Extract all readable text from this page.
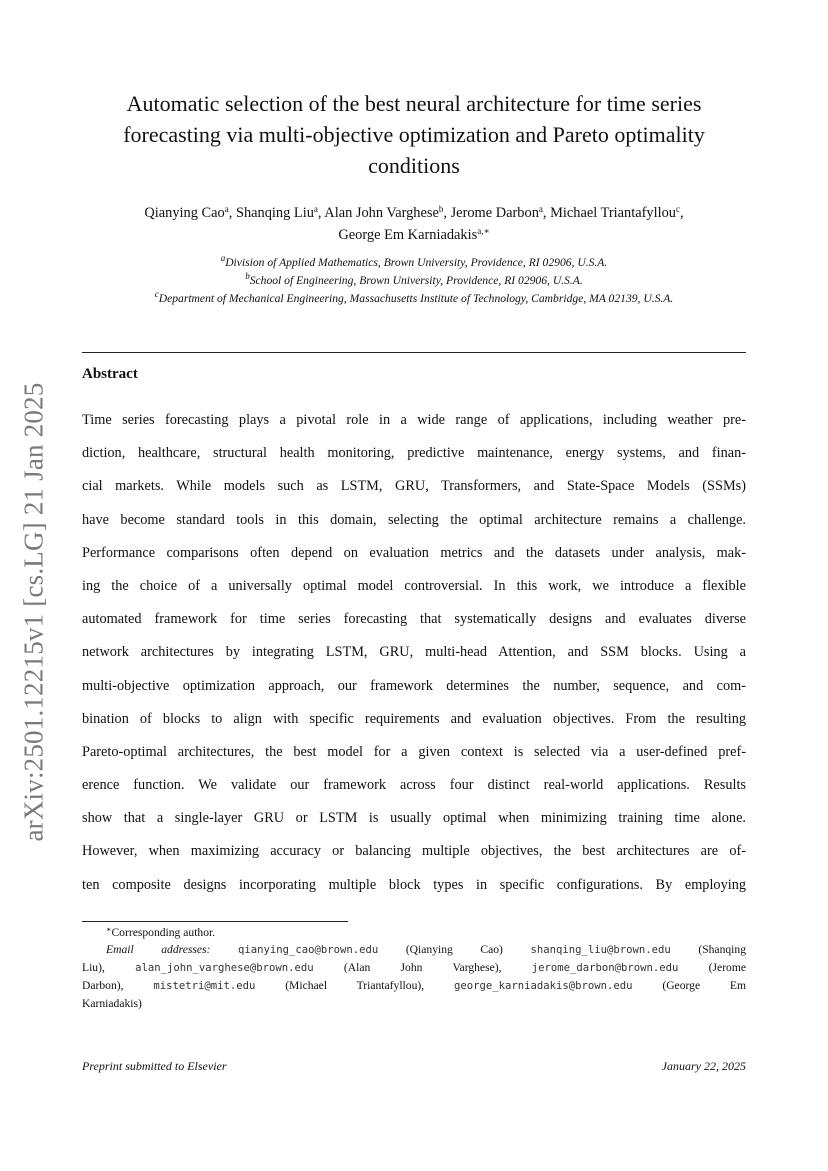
arXiv:2501.12215v1 [cs.LG] 21 Jan 2025
Automatic selection of the best neural architecture for time series
forecasting via multi-objective optimization and Pareto optimality
conditions
Qianying Cao$^a$, Shanqing Liu$^a$, Alan John Varghese$^b$, Jerome Darbon$^a$, Michael Triantafyllou$^c$,
George Em Karniadakis$^{a,∗}$
$^a$Division of Applied Mathematics, Brown University, Providence, RI 02906, U.S.A.
$^b$School of Engineering, Brown University, Providence, RI 02906, U.S.A.
$^c$Department of Mechanical Engineering, Massachusetts Institute of Technology, Cambridge, MA 02139, U.S.A.
Abstract
Time series forecasting plays a pivotal role in a wide range of applications, including weather pre-
diction, healthcare, structural health monitoring, predictive maintenance, energy systems, and finan-
cial markets. While models such as LSTM, GRU, Transformers, and State-Space Models (SSMs)
have become standard tools in this domain, selecting the optimal architecture remains a challenge.
Performance comparisons often depend on evaluation metrics and the datasets under analysis, mak-
ing the choice of a universally optimal model controversial. In this work, we introduce a flexible
automated framework for time series forecasting that systematically designs and evaluates diverse
network architectures by integrating LSTM, GRU, multi-head Attention, and SSM blocks. Using a
multi-objective optimization approach, our framework determines the number, sequence, and com-
bination of blocks to align with specific requirements and evaluation objectives. From the resulting
Pareto-optimal architectures, the best model for a given context is selected via a user-defined pref-
erence function. We validate our framework across four distinct real-world applications. Results
show that a single-layer GRU or LSTM is usually optimal when minimizing training time alone.
However, when maximizing accuracy or balancing multiple objectives, the best architectures are of-
ten composite designs incorporating multiple block types in specific configurations. By employing
∗Corresponding author.
Email addresses:	qianying_cao@brown.edu (Qianying Cao)	shanqing_liu@brown.edu (Shanqing
Liu),	alan_john_varghese@brown.edu	(Alan John Varghese),	jerome_darbon@brown.edu	(Jerome
Darbon),	mistetri@mit.edu	(Michael Triantafyllou),	george_karniadakis@brown.edu	(George Em
Karniadakis)
Preprint submitted to Elsevier	January 22, 2025
